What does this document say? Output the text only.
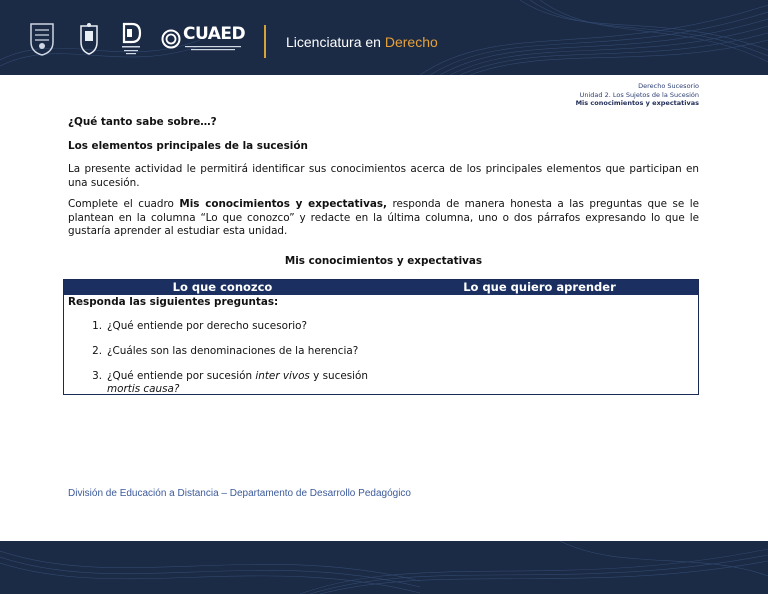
CUAED	Licenciatura en Derecho
Derecho Sucesorio
Unidad 2. Los Sujetos de la Sucesión
Mis conocimientos y expectativas

¿Qué tanto sabe sobre…?

Los elementos principales de la sucesión

La presente actividad le permitirá identificar sus conocimientos acerca de los principales elementos que participan en una sucesión.

Complete el cuadro Mis conocimientos y expectativas, responda de manera honesta a las preguntas que se le plantean en la columna “Lo que conozco” y redacte en la última columna, uno o dos párrafos expresando lo que le gustaría aprender al estudiar esta unidad.

Mis conocimientos y expectativas
Lo que conozco	Lo que quiero aprender
Responda las siguientes preguntas:
1. ¿Qué entiende por derecho sucesorio?
2. ¿Cuáles son las denominaciones de la herencia?
3. ¿Qué entiende por sucesión inter vivos y sucesión
mortis causa?
División de Educación a Distancia – Departamento de Desarrollo Pedagógico
